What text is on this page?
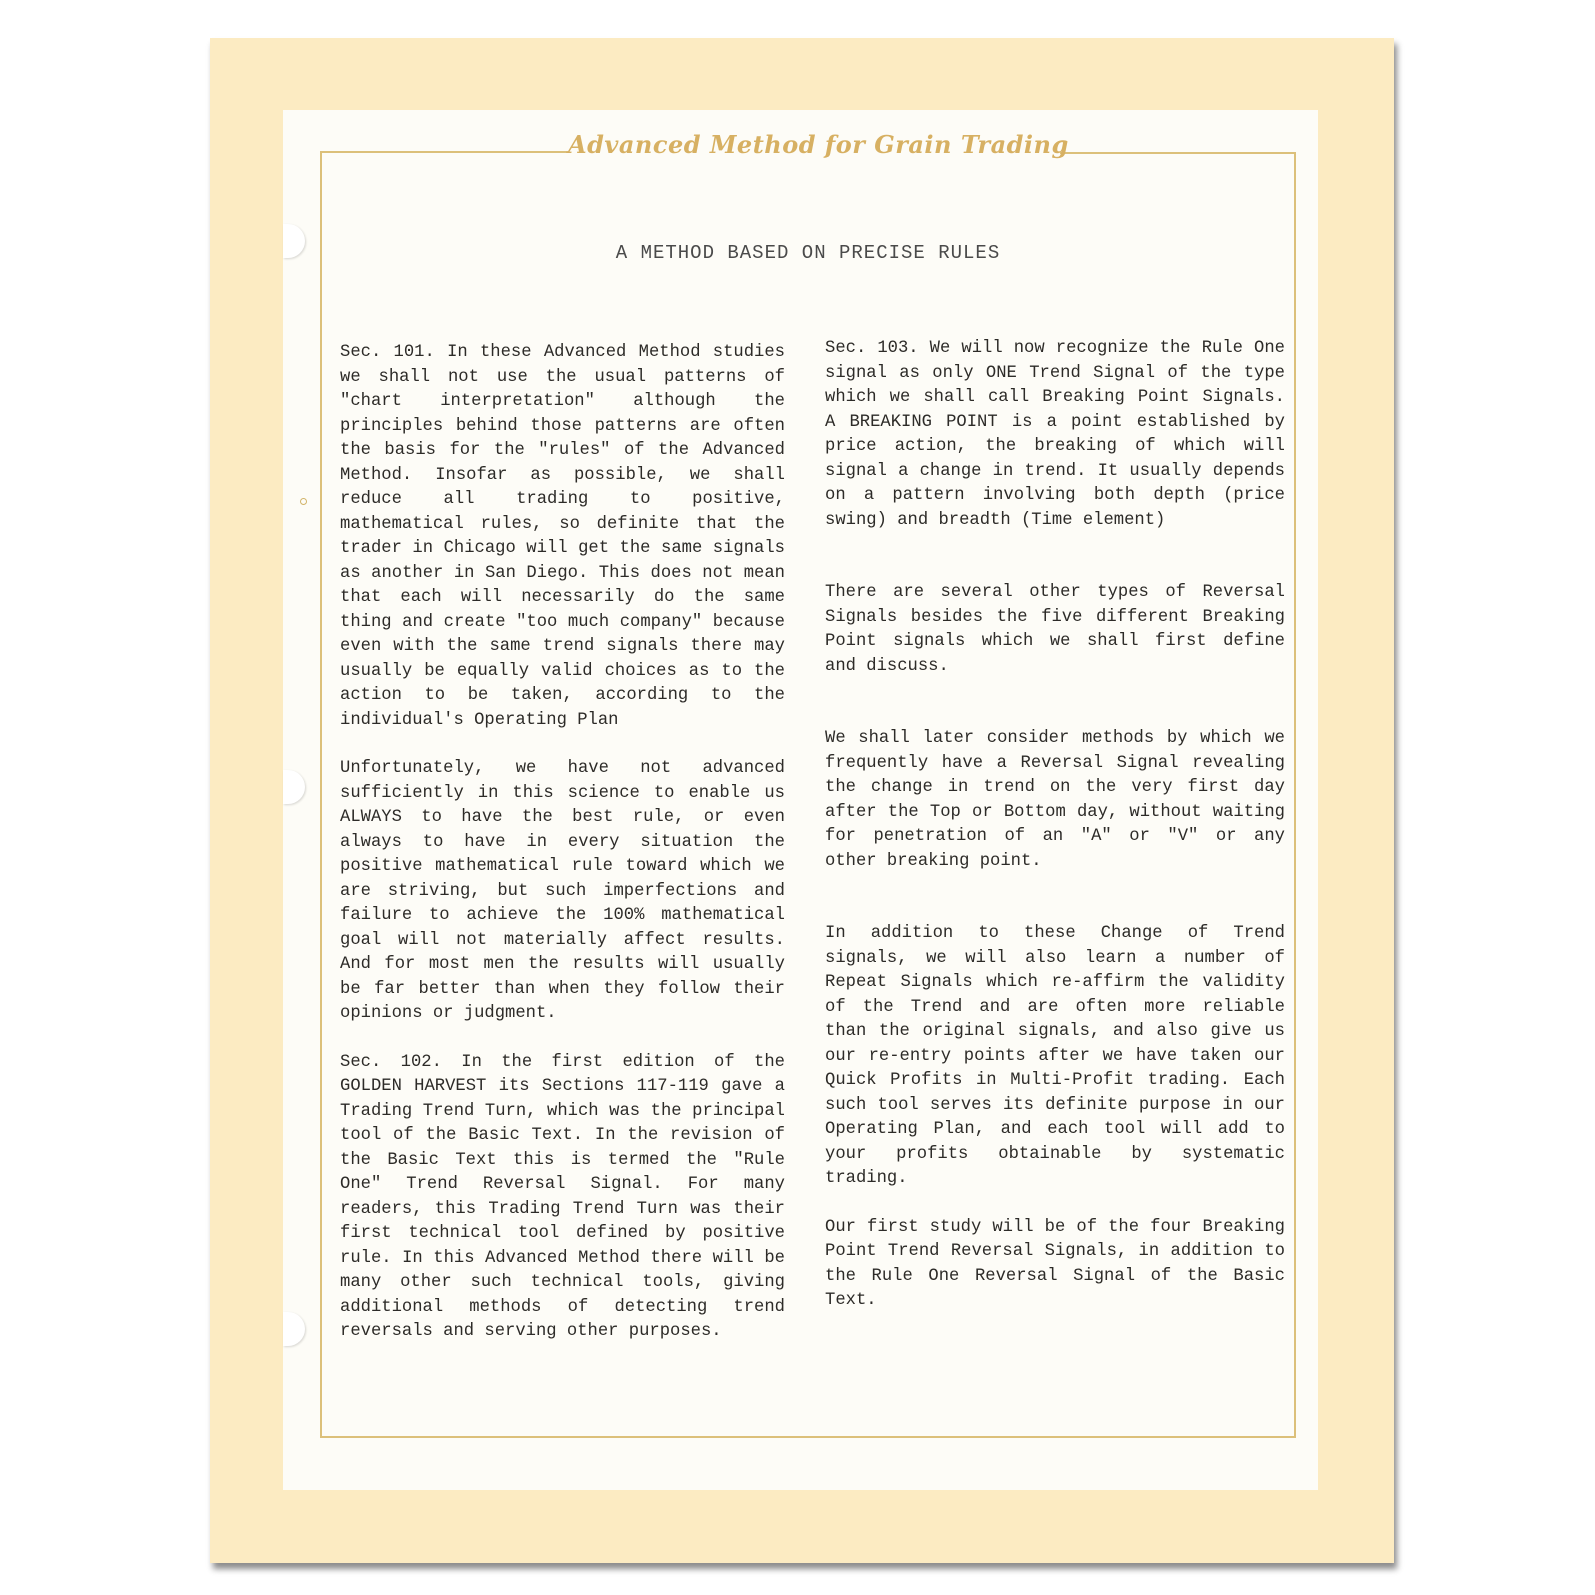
Advanced Method for Grain Trading
A METHOD BASED ON PRECISE RULES

Sec. 101. In these Advanced Method studies we shall not use the usual patterns of "chart interpretation" although the principles behind those patterns are often the basis for the "rules" of the Advanced Method. Insofar as possible, we shall reduce all trading to positive, mathematical rules, so definite that the trader in Chicago will get the same signals as another in San Diego. This does not mean that each will necessarily do the same thing and create "too much company" because even with the same trend signals there may usually be equally valid choices as to the action to be taken, according to the individual's Operating Plan

Unfortunately, we have not advanced sufficiently in this science to enable us ALWAYS to have the best rule, or even always to have in every situation the positive mathematical rule toward which we are striving, but such imperfections and failure to achieve the 100% mathematical goal will not materially affect results. And for most men the results will usually be far better than when they follow their opinions or judgment.

Sec. 102. In the first edition of the GOLDEN HARVEST its Sections 117-119 gave a Trading Trend Turn, which was the principal tool of the Basic Text. In the revision of the Basic Text this is termed the "Rule One" Trend Reversal Signal. For many readers, this Trading Trend Turn was their first technical tool defined by positive rule. In this Advanced Method there will be many other such technical tools, giving additional methods of detecting trend reversals and serving other purposes.

Sec. 103. We will now recognize the Rule One signal as only ONE Trend Signal of the type which we shall call Breaking Point Signals. A BREAKING POINT is a point established by price action, the breaking of which will signal a change in trend. It usually depends on a pattern involving both depth (price swing) and breadth (Time element)

There are several other types of Reversal Signals besides the five different Breaking Point signals which we shall first define and discuss.

We shall later consider methods by which we frequently have a Reversal Signal revealing the change in trend on the very first day after the Top or Bottom day, without waiting for penetration of an "A" or "V" or any other breaking point.

In addition to these Change of Trend signals, we will also learn a number of Repeat Signals which re-affirm the validity of the Trend and are often more reliable than the original signals, and also give us our re-entry points after we have taken our Quick Profits in Multi-Profit trading. Each such tool serves its definite purpose in our Operating Plan, and each tool will add to your profits obtainable by systematic trading.

Our first study will be of the four Breaking Point Trend Reversal Signals, in addition to the Rule One Reversal Signal of the Basic Text.
